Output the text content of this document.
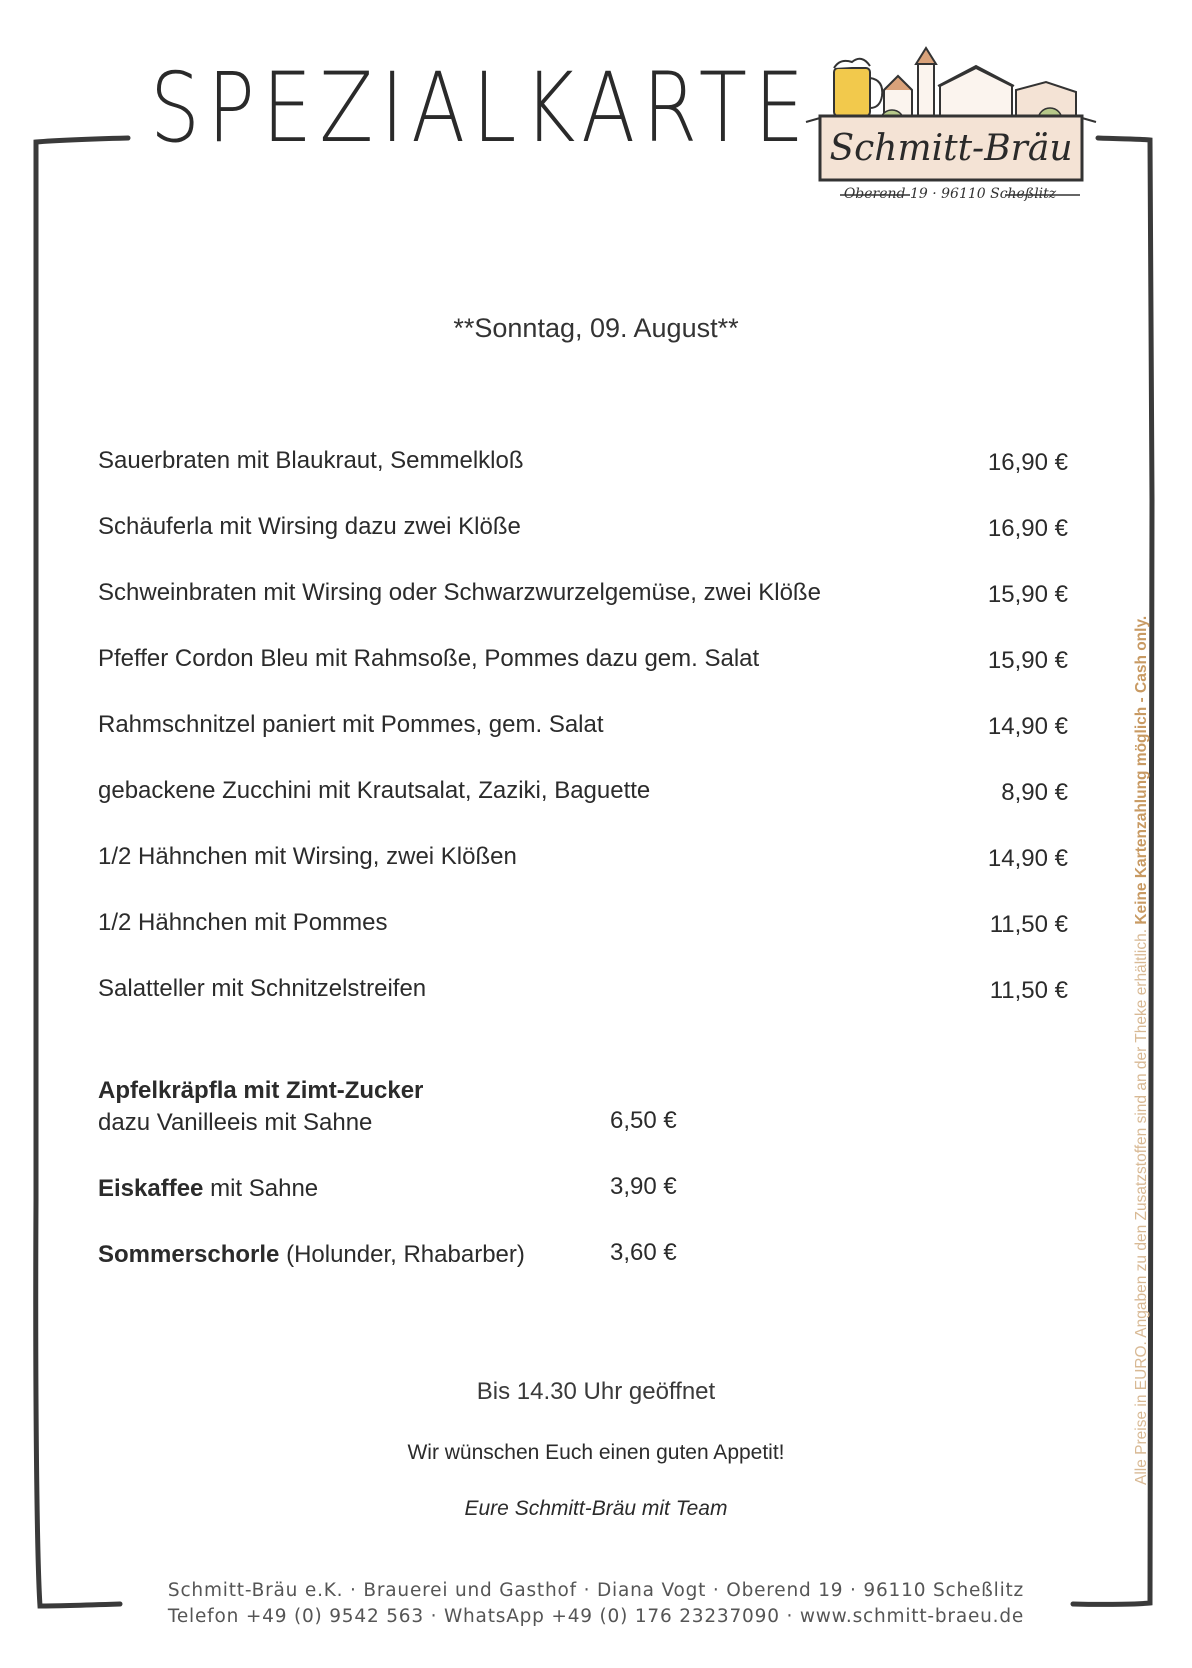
SPEZIALKARTE Schmitt-Bräu
Oberend 19 · 96110 Scheßlitz
**Sonntag, 09. August**
Sauerbraten mit Blaukraut, Semmelkloß	16,90 €
Schäuferla mit Wirsing dazu zwei Klöße	16,90 €
Schweinbraten mit Wirsing oder Schwarzwurzelgemüse, zwei Klöße	15,90 €
Pfeffer Cordon Bleu mit Rahmsoße, Pommes dazu gem. Salat	15,90 €
Rahmschnitzel paniert mit Pommes, gem. Salat	14,90 €
gebackene Zucchini mit Krautsalat, Zaziki, Baguette	8,90 €
1/2 Hähnchen mit Wirsing, zwei Klößen	14,90 €
1/2 Hähnchen mit Pommes	11,50 €
Salatteller mit Schnitzelstreifen	11,50 €
Apfelkräpfla mit Zimt-Zucker
dazu Vanilleeis mit Sahne	6,50 €
Eiskaffee mit Sahne	3,90 €
Sommerschorle (Holunder, Rhabarber)	3,60 €
Bis 14.30 Uhr geöffnet
Wir wünschen Euch einen guten Appetit!
Eure Schmitt-Bräu mit Team
Schmitt-Bräu e.K. · Brauerei und Gasthof · Diana Vogt · Oberend 19 · 96110 Scheßlitz
Telefon +49 (0) 9542 563 · WhatsApp +49 (0) 176 23237090 · www.schmitt-braeu.de
Alle Preise in EURO. Angaben zu den Zusatzstoffen sind an der Theke erhältlich. Keine Kartenzahlung möglich - Cash only.
